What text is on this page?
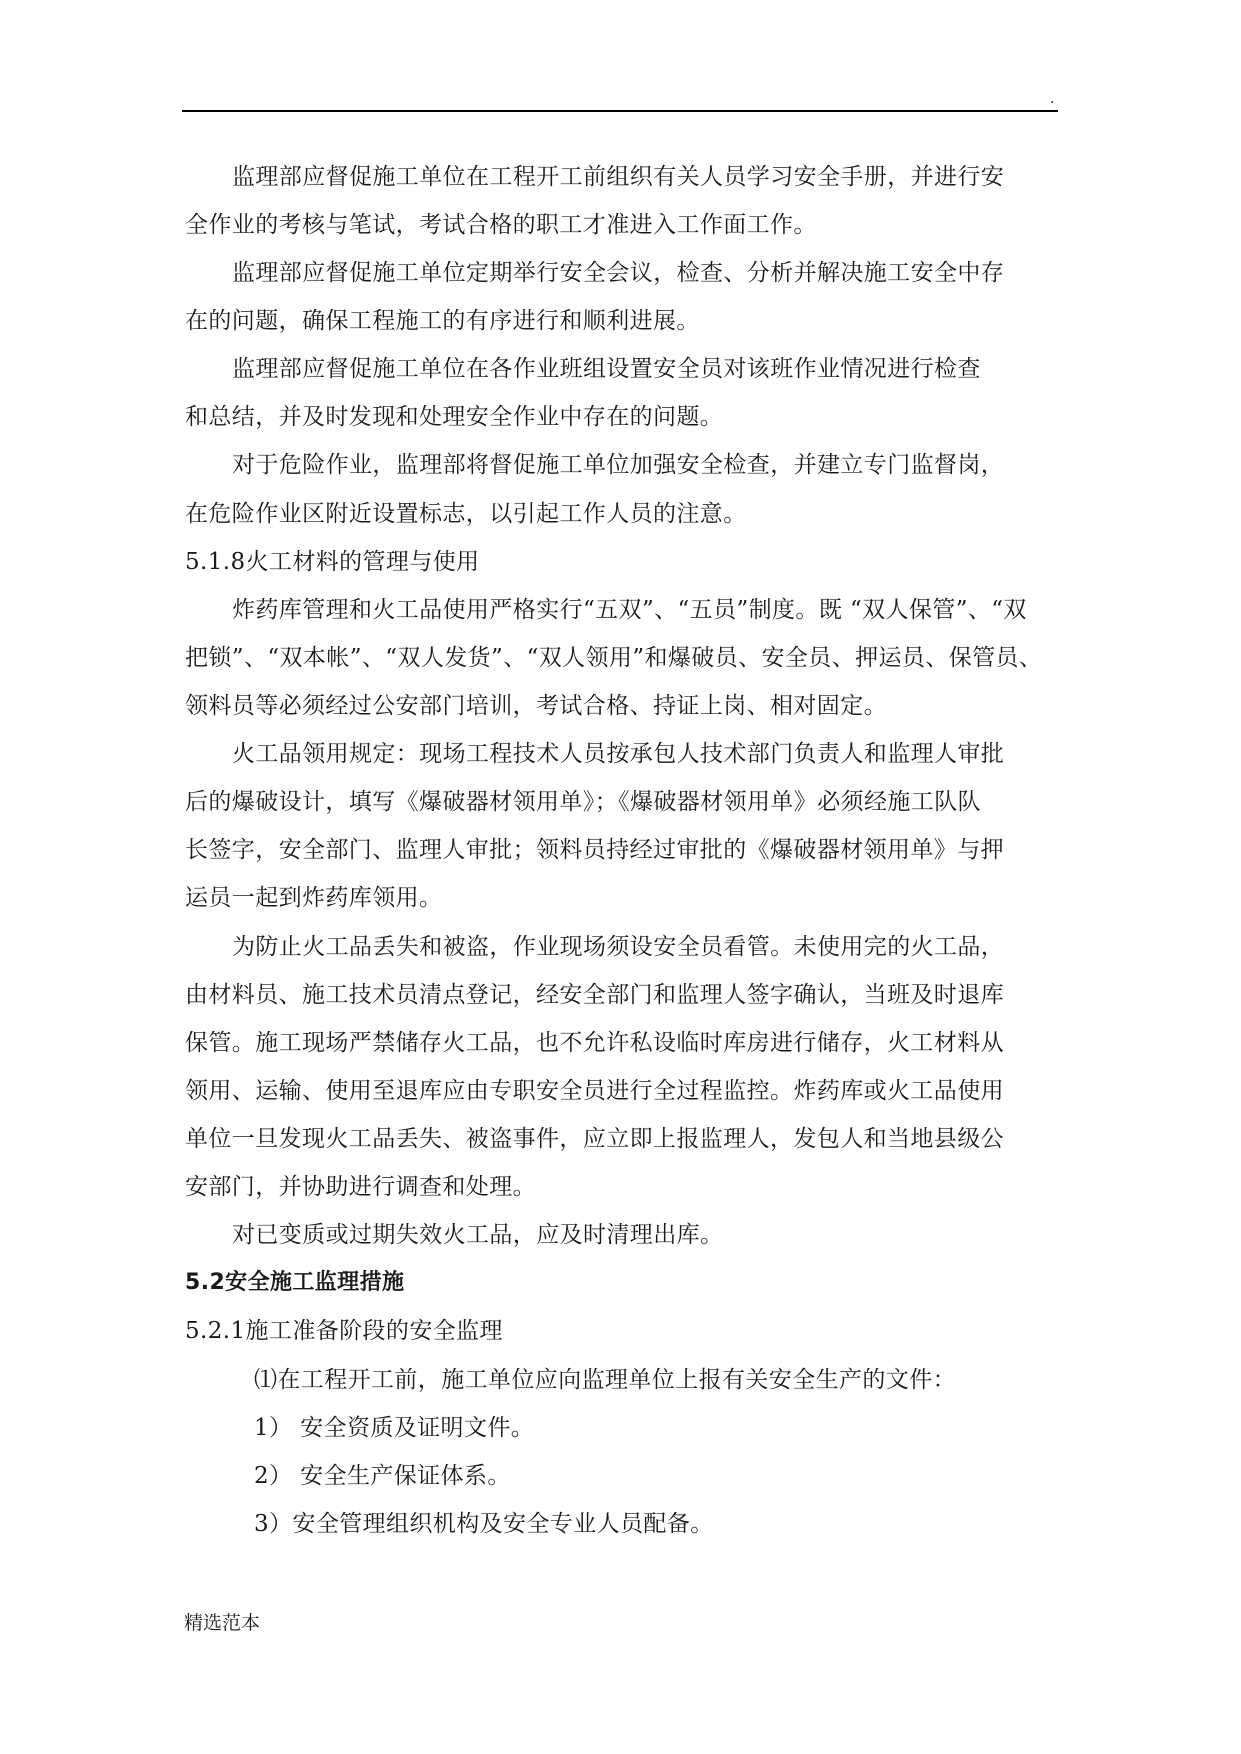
.
监理部应督促施工单位在工程开工前组织有关人员学习安全手册，并进行安
全作业的考核与笔试，考试合格的职工才准进入工作面工作。
监理部应督促施工单位定期举行安全会议，检查、分析并解决施工安全中存
在的问题，确保工程施工的有序进行和顺利进展。
监理部应督促施工单位在各作业班组设置安全员对该班作业情况进行检查
和总结，并及时发现和处理安全作业中存在的问题。
对于危险作业，监理部将督促施工单位加强安全检查，并建立专门监督岗，
在危险作业区附近设置标志，以引起工作人员的注意。
5.1.8火工材料的管理与使用
炸药库管理和火工品使用严格实行“五双”、“五员”制度。既 “双人保管”、“双
把锁”、“双本帐”、“双人发货”、“双人领用”和爆破员、安全员、押运员、保管员、
领料员等必须经过公安部门培训，考试合格、持证上岗、相对固定。
火工品领用规定：现场工程技术人员按承包人技术部门负责人和监理人审批
后的爆破设计，填写《爆破器材领用单》；《爆破器材领用单》必须经施工队队
长签字，安全部门、监理人审批；领料员持经过审批的《爆破器材领用单》与押
运员一起到炸药库领用。
为防止火工品丢失和被盗，作业现场须设安全员看管。未使用完的火工品，
由材料员、施工技术员清点登记，经安全部门和监理人签字确认，当班及时退库
保管。施工现场严禁储存火工品，也不允许私设临时库房进行储存，火工材料从
领用、运输、使用至退库应由专职安全员进行全过程监控。炸药库或火工品使用
单位一旦发现火工品丢失、被盗事件，应立即上报监理人，发包人和当地县级公
安部门，并协助进行调查和处理。
对已变质或过期失效火工品，应及时清理出库。
5.2安全施工监理措施
5.2.1施工准备阶段的安全监理
⑴在工程开工前，施工单位应向监理单位上报有关安全生产的文件：
1） 安全资质及证明文件。
2） 安全生产保证体系。
3）安全管理组织机构及安全专业人员配备。
精选范本
